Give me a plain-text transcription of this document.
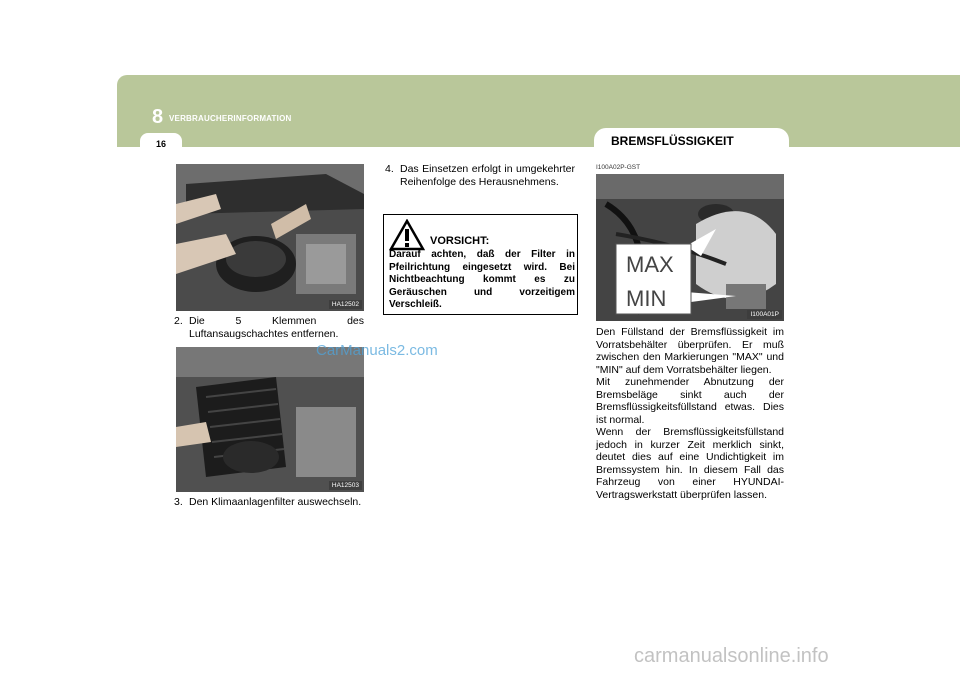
8 VERBRAUCHERINFORMATION
16	BREMSFLÜSSIGKEIT
HA12502
2. Die 5 Klemmen des Luftansaugschachtes entfernen.
HA12503
3. Den Klimaanlagenfilter auswechseln.
4. Das Einsetzen erfolgt in umgekehrter Reihenfolge des Herausnehmens.
VORSICHT:
Darauf achten, daß der Filter in Pfeilrichtung eingesetzt wird. Bei Nichtbeachtung kommt es zu Geräuschen und vorzeitigem Verschleiß.
I100A02P-GST
MAX
MIN
I100A01P
Den Füllstand der Bremsflüssigkeit im Vorratsbehälter überprüfen. Er muß zwischen den Markierungen "MAX" und "MIN" auf dem Vorratsbehälter liegen.
Mit zunehmender Abnutzung der Bremsbeläge sinkt auch der Bremsflüssigkeitsfüllstand etwas. Dies ist normal.
Wenn der Bremsflüssigkeitsfüllstand jedoch in kurzer Zeit merklich sinkt, deutet dies auf eine Undichtigkeit im Bremssystem hin. In diesem Fall das Fahrzeug von einer HYUNDAI-Vertragswerkstatt überprüfen lassen.
CarManuals2.com
carmanualsonline.info
